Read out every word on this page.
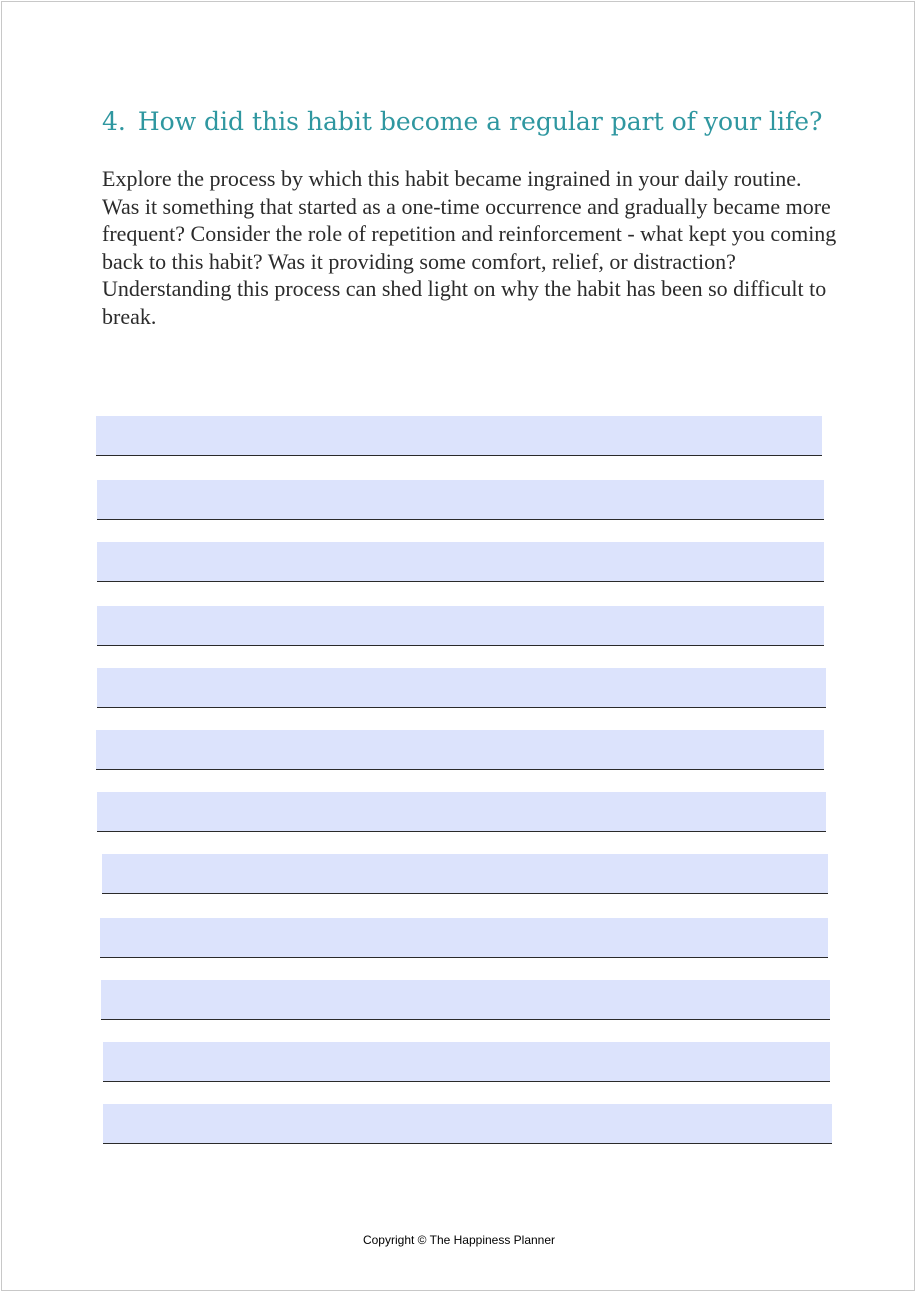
4. How did this habit become a regular part of your life?

Explore the process by which this habit became ingrained in your daily routine. Was it something that started as a one-time occurrence and gradually became more frequent? Consider the role of repetition and reinforcement - what kept you coming back to this habit? Was it providing some comfort, relief, or distraction? Understanding this process can shed light on why the habit has been so difficult to break.

Copyright © The Happiness Planner
